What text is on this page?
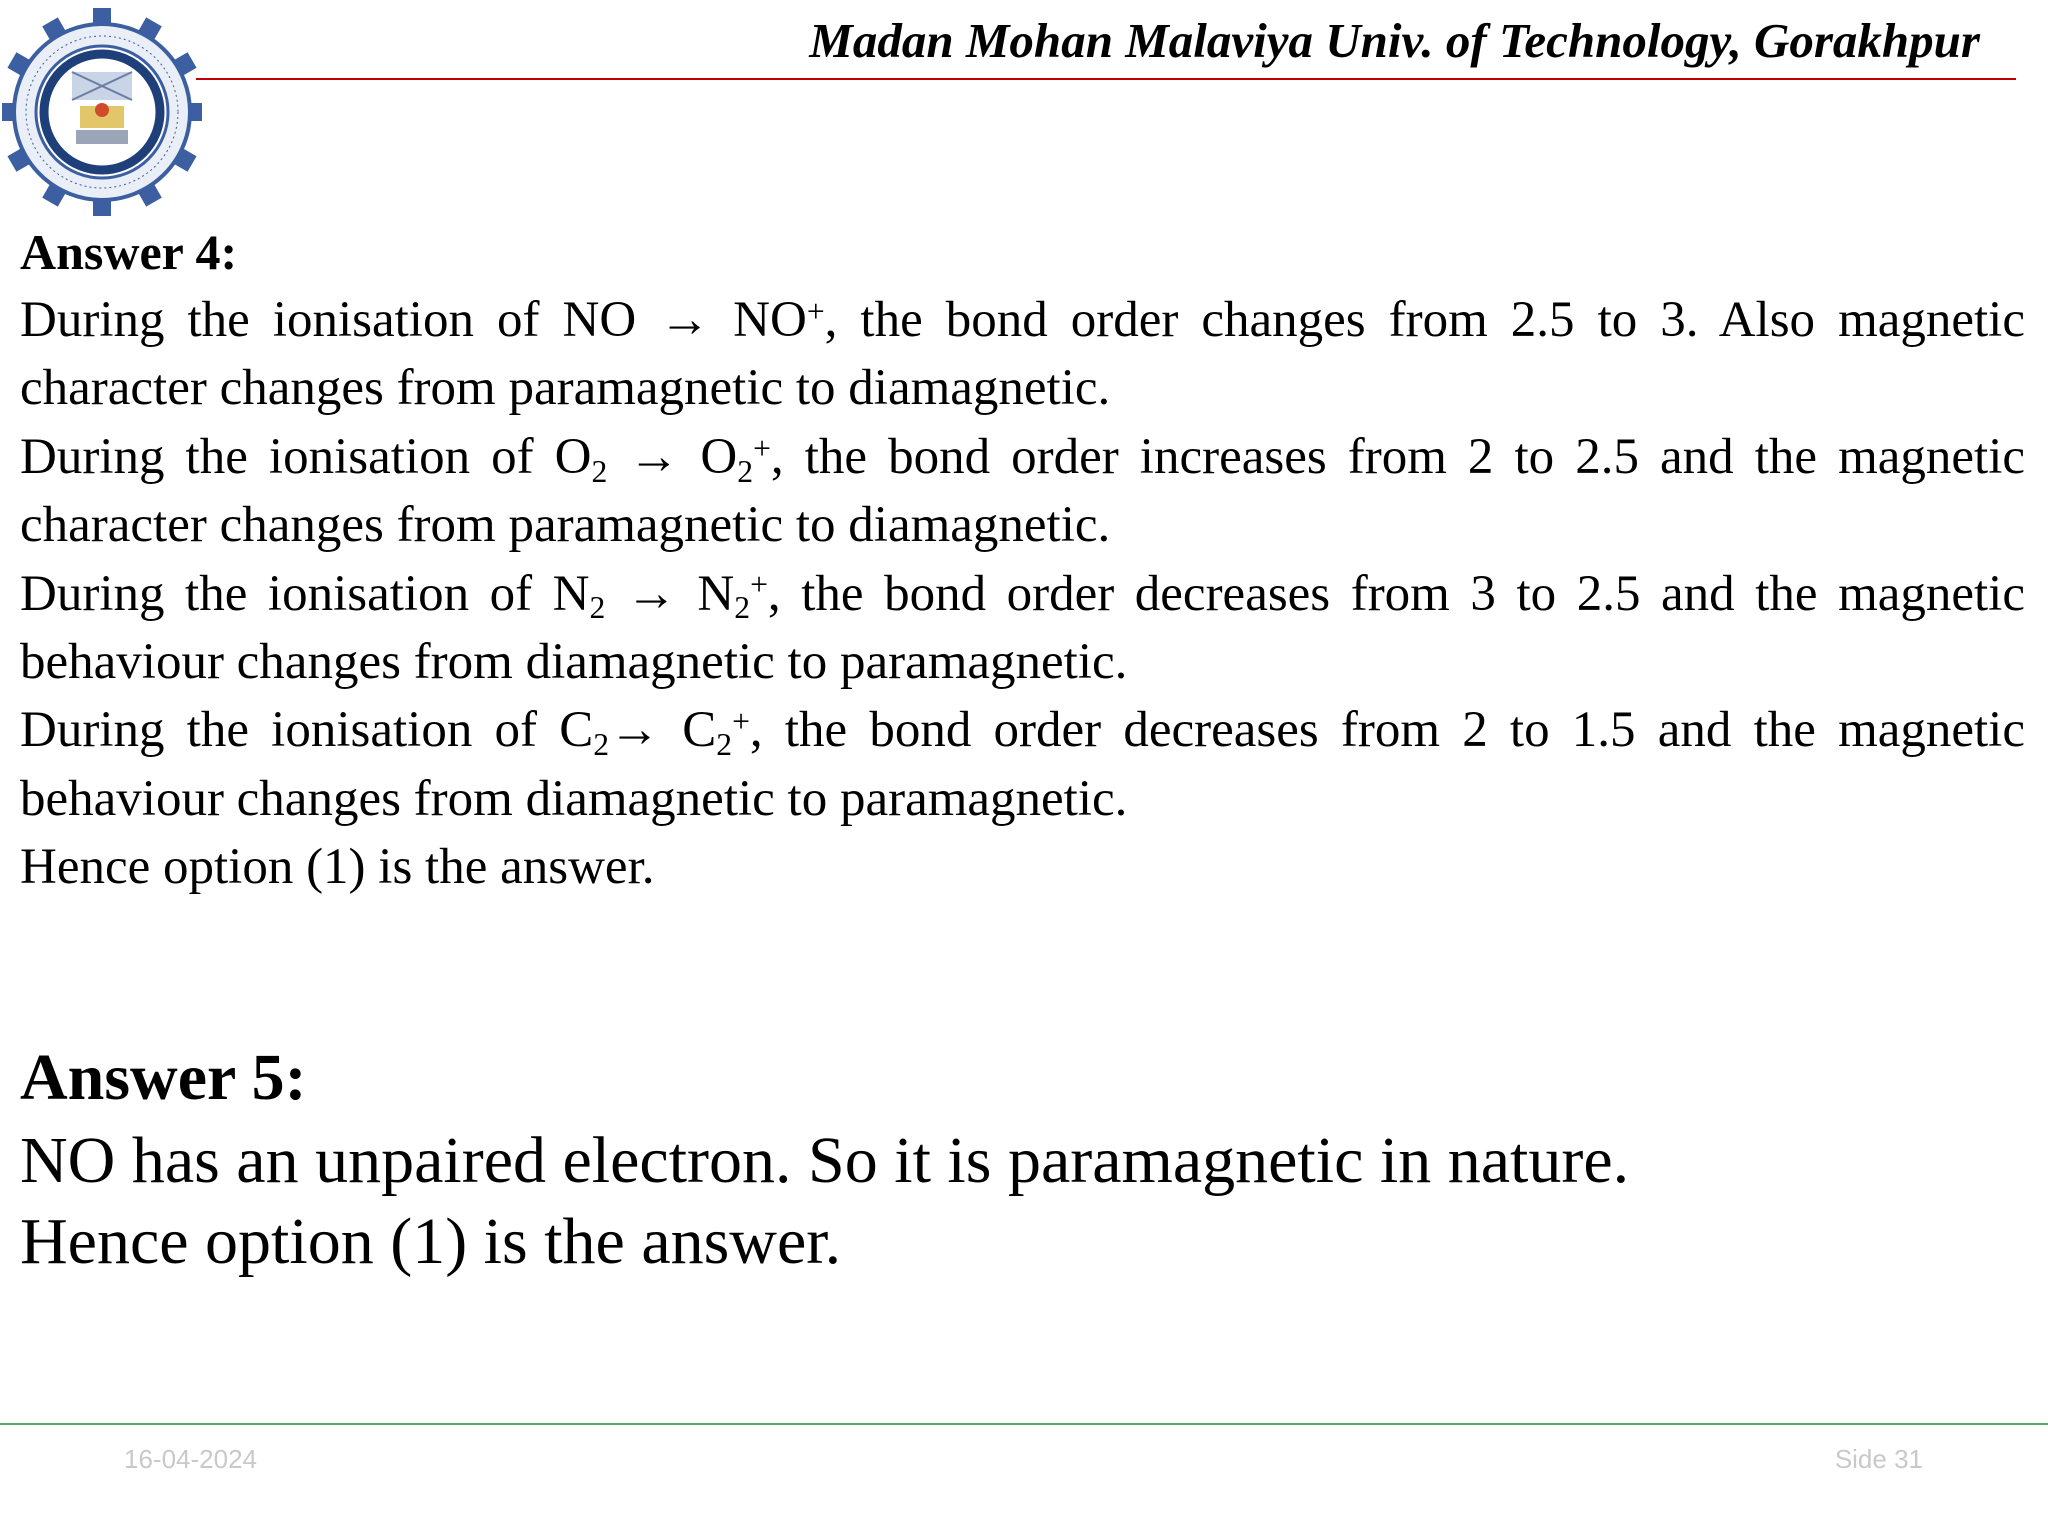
Madan Mohan Malaviya Univ. of Technology, Gorakhpur

Answer 4:

During the ionisation of NO → NO+, the bond order changes from 2.5 to 3. Also magnetic character changes from paramagnetic to diamagnetic.

During the ionisation of $O_2 \to O_2^+$, the bond order increases from 2 to 2.5 and the magnetic character changes from paramagnetic to diamagnetic.

During the ionisation of $N_2 \to N_2^+$, the bond order decreases from 3 to 2.5 and the magnetic behaviour changes from diamagnetic to paramagnetic.

During the ionisation of $C_2\to C_2^+$, the bond order decreases from 2 to 1.5 and the magnetic behaviour changes from diamagnetic to paramagnetic.

Hence option (1) is the answer.

Answer 5:

NO has an unpaired electron. So it is paramagnetic in nature.

Hence option (1) is the answer.

16-04-2024	Side 31
